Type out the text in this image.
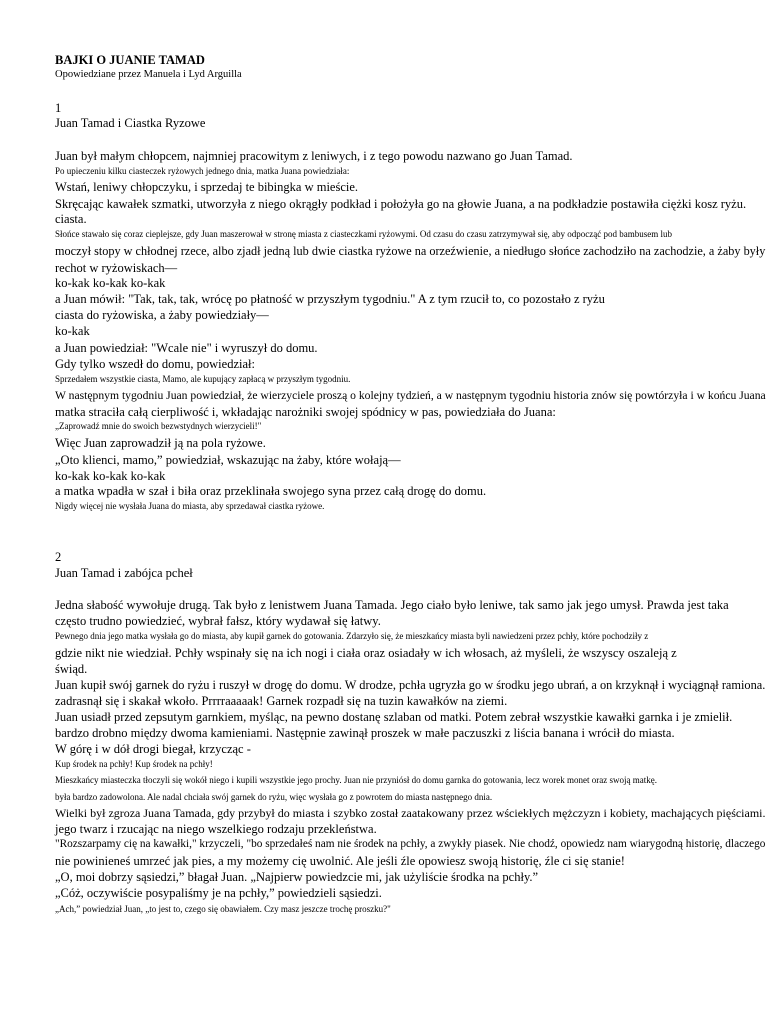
BAJKI O JUANIE TAMAD
Opowiedziane przez Manuela i Lyd Arguilla
1
Juan Tamad i Ciastka Ryzowe
Juan był małym chłopcem, najmniej pracowitym z leniwych, i z tego powodu nazwano go Juan Tamad.
Po upieczeniu kilku ciasteczek ryżowych jednego dnia, matka Juana powiedziała:
Wstań, leniwy chłopczyku, i sprzedaj te bibingka w mieście.
Skręcając kawałek szmatki, utworzyła z niego okrągły podkład i położyła go na głowie Juana, a na podkładzie postawiła ciężki kosz ryżu.
ciasta.
Słońce stawało się coraz cieplejsze, gdy Juan maszerował w stronę miasta z ciasteczkami ryżowymi. Od czasu do czasu zatrzymywał się, aby odpocząć pod bambusem lub
moczył stopy w chłodnej rzece, albo zjadł jedną lub dwie ciastka ryżowe na orzeźwienie, a niedługo słońce zachodziło na zachodzie, a żaby były
rechot w ryżowiskach—
ko-kak ko-kak ko-kak
a Juan mówił: "Tak, tak, tak, wrócę po płatność w przyszłym tygodniu." A z tym rzucił to, co pozostało z ryżu
ciasta do ryżowiska, a żaby powiedziały—
ko-kak
a Juan powiedział: "Wcale nie" i wyruszył do domu.
Gdy tylko wszedł do domu, powiedział:
Sprzedałem wszystkie ciasta, Mamo, ale kupujący zapłacą w przyszłym tygodniu.
W następnym tygodniu Juan powiedział, że wierzyciele proszą o kolejny tydzień, a w następnym tygodniu historia znów się powtórzyła i w końcu Juana
matka straciła całą cierpliwość i, wkładając narożniki swojej spódnicy w pas, powiedziała do Juana:
„Zaprowadź mnie do swoich bezwstydnych wierzycieli!"
Więc Juan zaprowadził ją na pola ryżowe.
„Oto klienci, mamo,” powiedział, wskazując na żaby, które wołają—
ko-kak ko-kak ko-kak
a matka wpadła w szał i biła oraz przeklinała swojego syna przez całą drogę do domu.
Nigdy więcej nie wysłała Juana do miasta, aby sprzedawał ciastka ryżowe.
2
Juan Tamad i zabójca pcheł
Jedna słabość wywołuje drugą. Tak było z lenistwem Juana Tamada. Jego ciało było leniwe, tak samo jak jego umysł. Prawda jest taka
często trudno powiedzieć, wybrał fałsz, który wydawał się łatwy.
Pewnego dnia jego matka wysłała go do miasta, aby kupił garnek do gotowania. Zdarzyło się, że mieszkańcy miasta byli nawiedzeni przez pchły, które pochodziły z
gdzie nikt nie wiedział. Pchły wspinały się na ich nogi i ciała oraz osiadały w ich włosach, aż myśleli, że wszyscy oszaleją z
świąd.
Juan kupił swój garnek do ryżu i ruszył w drogę do domu. W drodze, pchła ugryzła go w środku jego ubrań, a on krzyknął i wyciągnął ramiona.
zadrasnął się i skakał wkoło. Prrrraaaaak! Garnek rozpadł się na tuzin kawałków na ziemi.
Juan usiadł przed zepsutym garnkiem, myśląc, na pewno dostanę szlaban od matki. Potem zebrał wszystkie kawałki garnka i je zmielił.
bardzo drobno między dwoma kamieniami. Następnie zawinął proszek w małe paczuszki z liścia banana i wrócił do miasta.
W górę i w dół drogi biegał, krzycząc -
Kup środek na pchły! Kup środek na pchły!
Mieszkańcy miasteczka tłoczyli się wokół niego i kupili wszystkie jego prochy. Juan nie przyniósł do domu garnka do gotowania, lecz worek monet oraz swoją matkę.
była bardzo zadowolona. Ale nadal chciała swój garnek do ryżu, więc wysłała go z powrotem do miasta następnego dnia.
Wielki był zgroza Juana Tamada, gdy przybył do miasta i szybko został zaatakowany przez wściekłych mężczyzn i kobiety, machających pięściami.
jego twarz i rzucając na niego wszelkiego rodzaju przekleństwa.
"Rozszarpamy cię na kawałki," krzyczeli, "bo sprzedałeś nam nie środek na pchły, a zwykły piasek. Nie chodź, opowiedz nam wiarygodną historię, dlaczego
nie powinieneś umrzeć jak pies, a my możemy cię uwolnić. Ale jeśli źle opowiesz swoją historię, źle ci się stanie!
„O, moi dobrzy sąsiedzi,” błagał Juan. „Najpierw powiedzcie mi, jak użyliście środka na pchły.”
„Cóż, oczywiście posypaliśmy je na pchły,” powiedzieli sąsiedzi.
„Ach,” powiedział Juan, „to jest to, czego się obawiałem. Czy masz jeszcze trochę proszku?"
